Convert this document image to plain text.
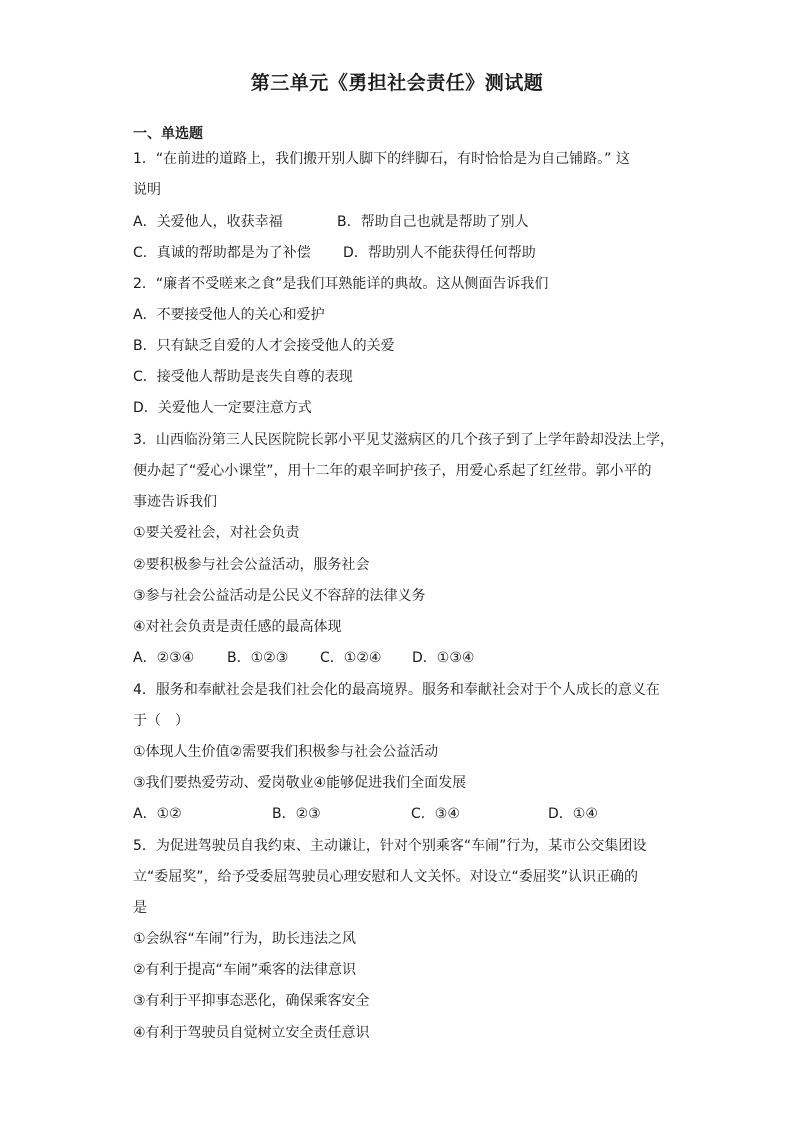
第三单元《勇担社会责任》测试题
一、单选题
1．“在前进的道路上，我们搬开别人脚下的绊脚石，有时恰恰是为自己铺路。” 这
说明
A．关爱他人，收获幸福	B．帮助自己也就是帮助了别人
C．真诚的帮助都是为了补偿 D．帮助别人不能获得任何帮助
2．“廉者不受嗟来之食”是我们耳熟能详的典故。这从侧面告诉我们
A．不要接受他人的关心和爱护
B．只有缺乏自爱的人才会接受他人的关爱
C．接受他人帮助是丧失自尊的表现
D．关爱他人一定要注意方式
3．山西临汾第三人民医院院长郭小平见艾滋病区的几个孩子到了上学年龄却没法上学，
便办起了“爱心小课堂”，用十二年的艰辛呵护孩子，用爱心系起了红丝带。郭小平的
事迹告诉我们
①要关爱社会，对社会负责
②要积极参与社会公益活动，服务社会
③参与社会公益活动是公民义不容辞的法律义务
④对社会负责是责任感的最高体现
A．②③④ B．①②③ C．①②④ D．①③④
4．服务和奉献社会是我们社会化的最高境界。服务和奉献社会对于个人成长的意义在
于（　）
①体现人生价值②需要我们积极参与社会公益活动
③我们要热爱劳动、爱岗敬业④能够促进我们全面发展
A．①②	B．②③	C．③④	D．①④
5．为促进驾驶员自我约束、主动谦让，针对个别乘客“车闹”行为，某市公交集团设
立“委屈奖”，给予受委屈驾驶员心理安慰和人文关怀。对设立“委屈奖”认识正确的
是
①会纵容“车闹”行为，助长违法之风
②有利于提高“车闹”乘客的法律意识
③有利于平抑事态恶化，确保乘客安全
④有利于驾驶员自觉树立安全责任意识
